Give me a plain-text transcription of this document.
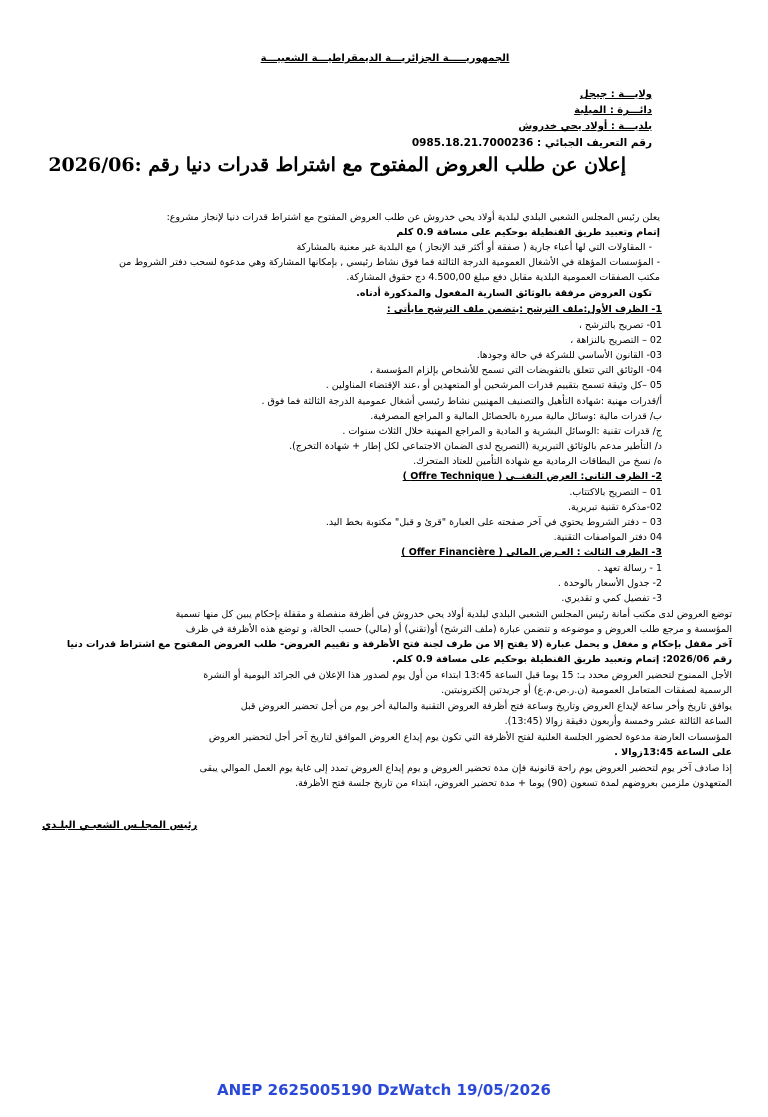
الجمهوريـــــة الجزائريـــة الديمقراطيـــة الشعبيـــة
ولايـــة : جيجل
دائـــرة : الميلية
بلديـــة : أولاد يحي خدروش
رقم التعريف الجبائي : 0985.18.21.7000236
إعلان عن طلب العروض المفتوح مع اشتراط قدرات دنيا رقم :2026/06
يعلن رئيس المجلس الشعبي البلدي لبلدية أولاد يحي خدروش عن طلب العروض المفتوح مع اشتراط قدرات دنيا لإنجاز مشروع:
إتمام وتعبيد طريق القنطيلة بوحكيم على مسافة 0.9 كلم
- المقاولات التي لها أعباء جارية ( صفقة أو أكثر قيد الإنجاز ) مع البلدية غير معنية بالمشاركة
- المؤسسات المؤهلة في الأشغال العمومية الدرجة الثالثة فما فوق نشاط رئيسي , بإمكانها المشاركة وهي مدعوة لسحب دفتر الشروط من
مكتب الصفقات العمومية البلدية مقابل دفع مبلغ 4.500,00 دج حقوق المشاركة.
تكون العروض مرفقة بالوثائق السارية المفعول والمذكورة أدناه.
1- الظرف الأول:ملف الترشح :يتضمن ملف الترشح مايأتي :
01- تصريح بالترشح ،
02 – التصريح بالنزاهة ،
03- القانون الأساسي للشركة في حالة وجودها.
04- الوثائق التي تتعلق بالتفويضات التي تسمح للأشخاص بإلزام المؤسسة ،
05 –كل وثيقة تسمح بتقييم قدرات المرشحين أو المتعهدين أو ،عند الإقتضاء المناولين .
أ/قدرات مهنية :شهادة التأهيل والتصنيف المهنيين نشاط رئيسي أشغال عمومية الدرجة الثالثة فما فوق .
ب/ قدرات مالية :وسائل مالية مبررة بالحصائل المالية و المراجع المصرفية.
ج/ قدرات تقنية :الوسائل البشرية و المادية و المراجع المهنية خلال الثلاث سنوات .
د/ التأطير مدعم بالوثائق التبريرية (التصريح لدى الضمان الاجتماعي لكل إطار + شهادة التخرج).
ه/ نسخ من البطاقات الرمادية مع شهادة التأمين للعتاد المتحرك.
2- الظرف الثاني: العرض التقنــي ( Offre Technique )
01 – التصريح بالاكتتاب.
02-مذكرة تقنية تبريرية.
03 – دفتر الشروط يحتوي في آخر صفحته على العبارة "قرئ و قبل" مكتوبة بخط اليد.
04 دفتر المواصفات التقنية.
3- الظرف الثالث : العـرض المالي ( Offer Financière )
1 - رسالة تعهد .
2- جدول الأسعار بالوحدة .
3- تفصيل كمي و تقديري.
توضع العروض لدى مكتب أمانة رئيس المجلس الشعبي البلدي لبلدية أولاد يحي خدروش في أظرفة منفصلة و مقفلة بإحكام يبين كل منها تسمية
المؤسسة و مرجع طلب العروض و موضوعه و تتضمن عبارة (ملف الترشح) أو(تقني) أو (مالي) حسب الحالة، و توضع هذه الأظرفة في ظرف
آخر مقفل بإحكام و مغفل و يحمل عبارة (لا يفتح إلا من طرف لجنة فتح الأظرفة و تقييم العروض- طلب العروض المفتوح مع اشتراط قدرات دنيا
رقم 2026/06: إتمام وتعبيد طريق القنطيلة بوحكيم على مسافة 0.9 كلم.
الأجل الممنوح لتحضير العروض محدد بـ: 15 يوما قبل الساعة 13:45 ابتداء من أول يوم لصدور هذا الإعلان في الجرائد اليومية أو النشرة
الرسمية لصفقات المتعامل العمومية (ن.ر.ص.م.ع) أو جريدتين إلكترونيتين.
يوافق تاريخ وأخر ساعة لإيداع العروض وتاريخ وساعة فتح أظرفة العروض التقنية والمالية أخر يوم من أجل تحضير العروض قبل
الساعة الثالثة عشر وخمسة وأربعون دقيقة زوالا (13:45).
المؤسسات العارضة مدعوة لحضور الجلسة العلنية لفتح الأظرفة التي تكون يوم إيداع العروض الموافق لتاريخ آخر أجل لتحضير العروض
على الساعة 13:45زوالا .
إذا صادف آخر يوم لتحضير العروض يوم راحة قانونية فإن مدة تحضير العروض و يوم إيداع العروض تمدد إلى غاية يوم العمل الموالي يبقى
المتعهدون ملزمين بعروضهم لمدة تسعون (90) يوما + مدة تحضير العروض، ابتداء من تاريخ جلسة فتح الأظرفة.
رئيس المجلـس الشعبـي البلـدي
ANEP 2625005190 DzWatch 19/05/2026
